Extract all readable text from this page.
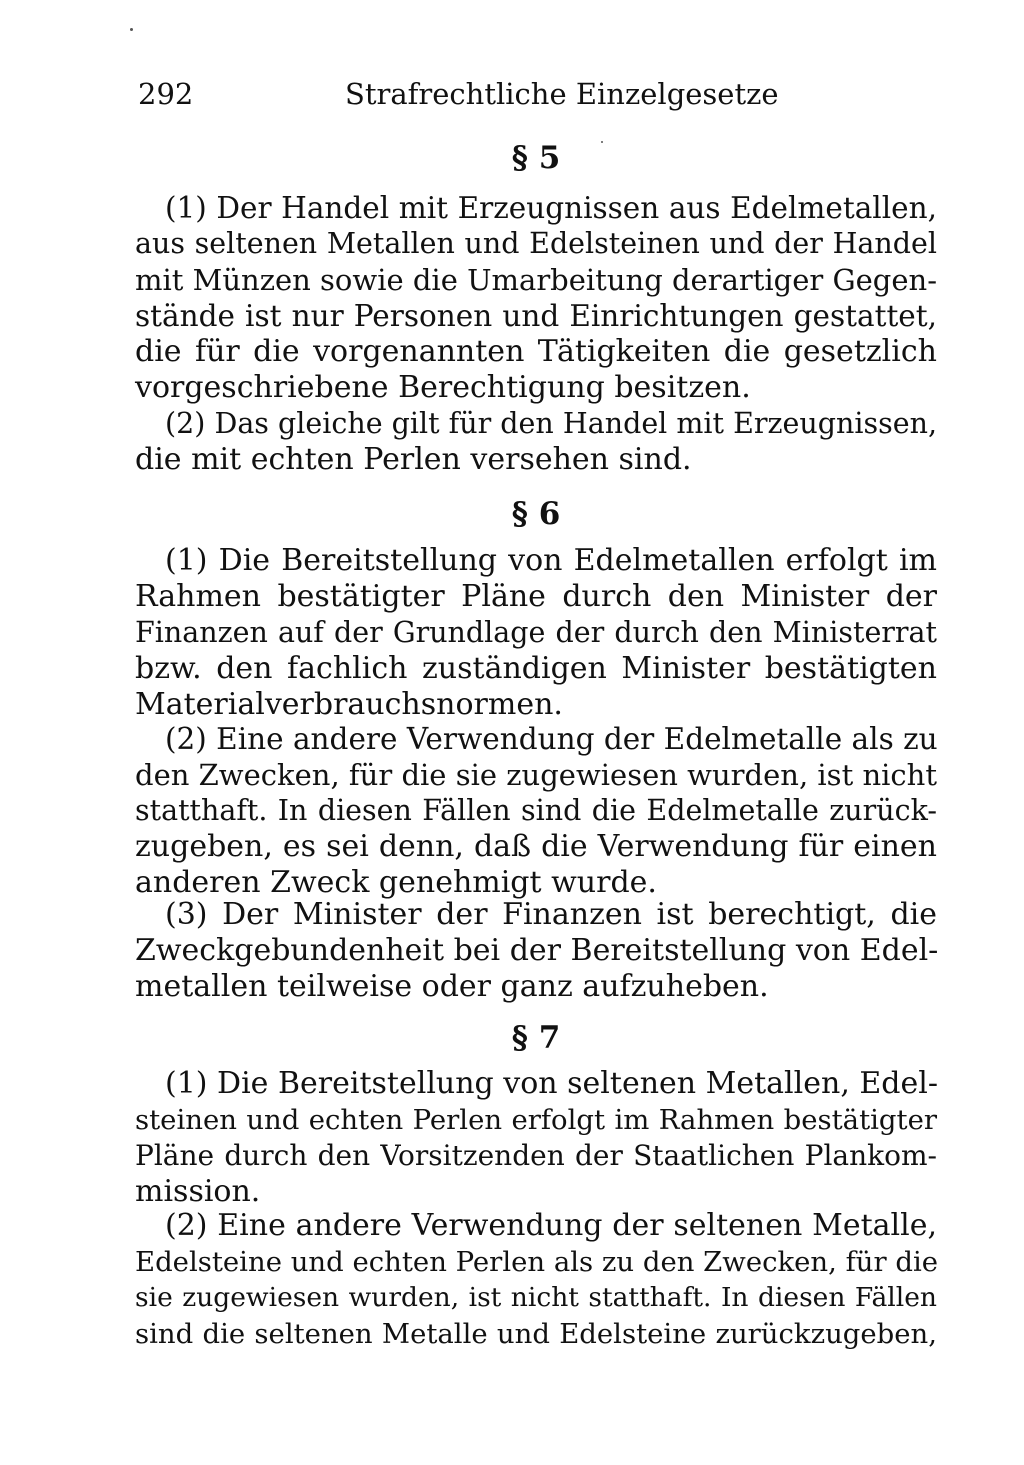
292	Strafrechtliche Einzelgesetze
§ 5
(1) Der Handel mit Erzeugnissen aus Edelmetallen,
aus seltenen Metallen und Edelsteinen und der Handel
mit Münzen sowie die Umarbeitung derartiger Gegen-
stände ist nur Personen und Einrichtungen gestattet,
die für die vorgenannten Tätigkeiten die gesetzlich
vorgeschriebene Berechtigung besitzen.
(2) Das gleiche gilt für den Handel mit Erzeugnissen,
die mit echten Perlen versehen sind.
§ 6
(1) Die Bereitstellung von Edelmetallen erfolgt im
Rahmen bestätigter Pläne durch den Minister der
Finanzen auf der Grundlage der durch den Ministerrat
bzw. den fachlich zuständigen Minister bestätigten
Materialverbrauchsnormen.
(2) Eine andere Verwendung der Edelmetalle als zu
den Zwecken, für die sie zugewiesen wurden, ist nicht
statthaft. In diesen Fällen sind die Edelmetalle zurück-
zugeben, es sei denn, daß die Verwendung für einen
anderen Zweck genehmigt wurde.
(3) Der Minister der Finanzen ist berechtigt, die
Zweckgebundenheit bei der Bereitstellung von Edel-
metallen teilweise oder ganz aufzuheben.
§ 7
(1) Die Bereitstellung von seltenen Metallen, Edel-
steinen und echten Perlen erfolgt im Rahmen bestätigter
Pläne durch den Vorsitzenden der Staatlichen Plankom-
mission.
(2) Eine andere Verwendung der seltenen Metalle,
Edelsteine und echten Perlen als zu den Zwecken, für die
sie zugewiesen wurden, ist nicht statthaft. In diesen Fällen
sind die seltenen Metalle und Edelsteine zurückzugeben,
